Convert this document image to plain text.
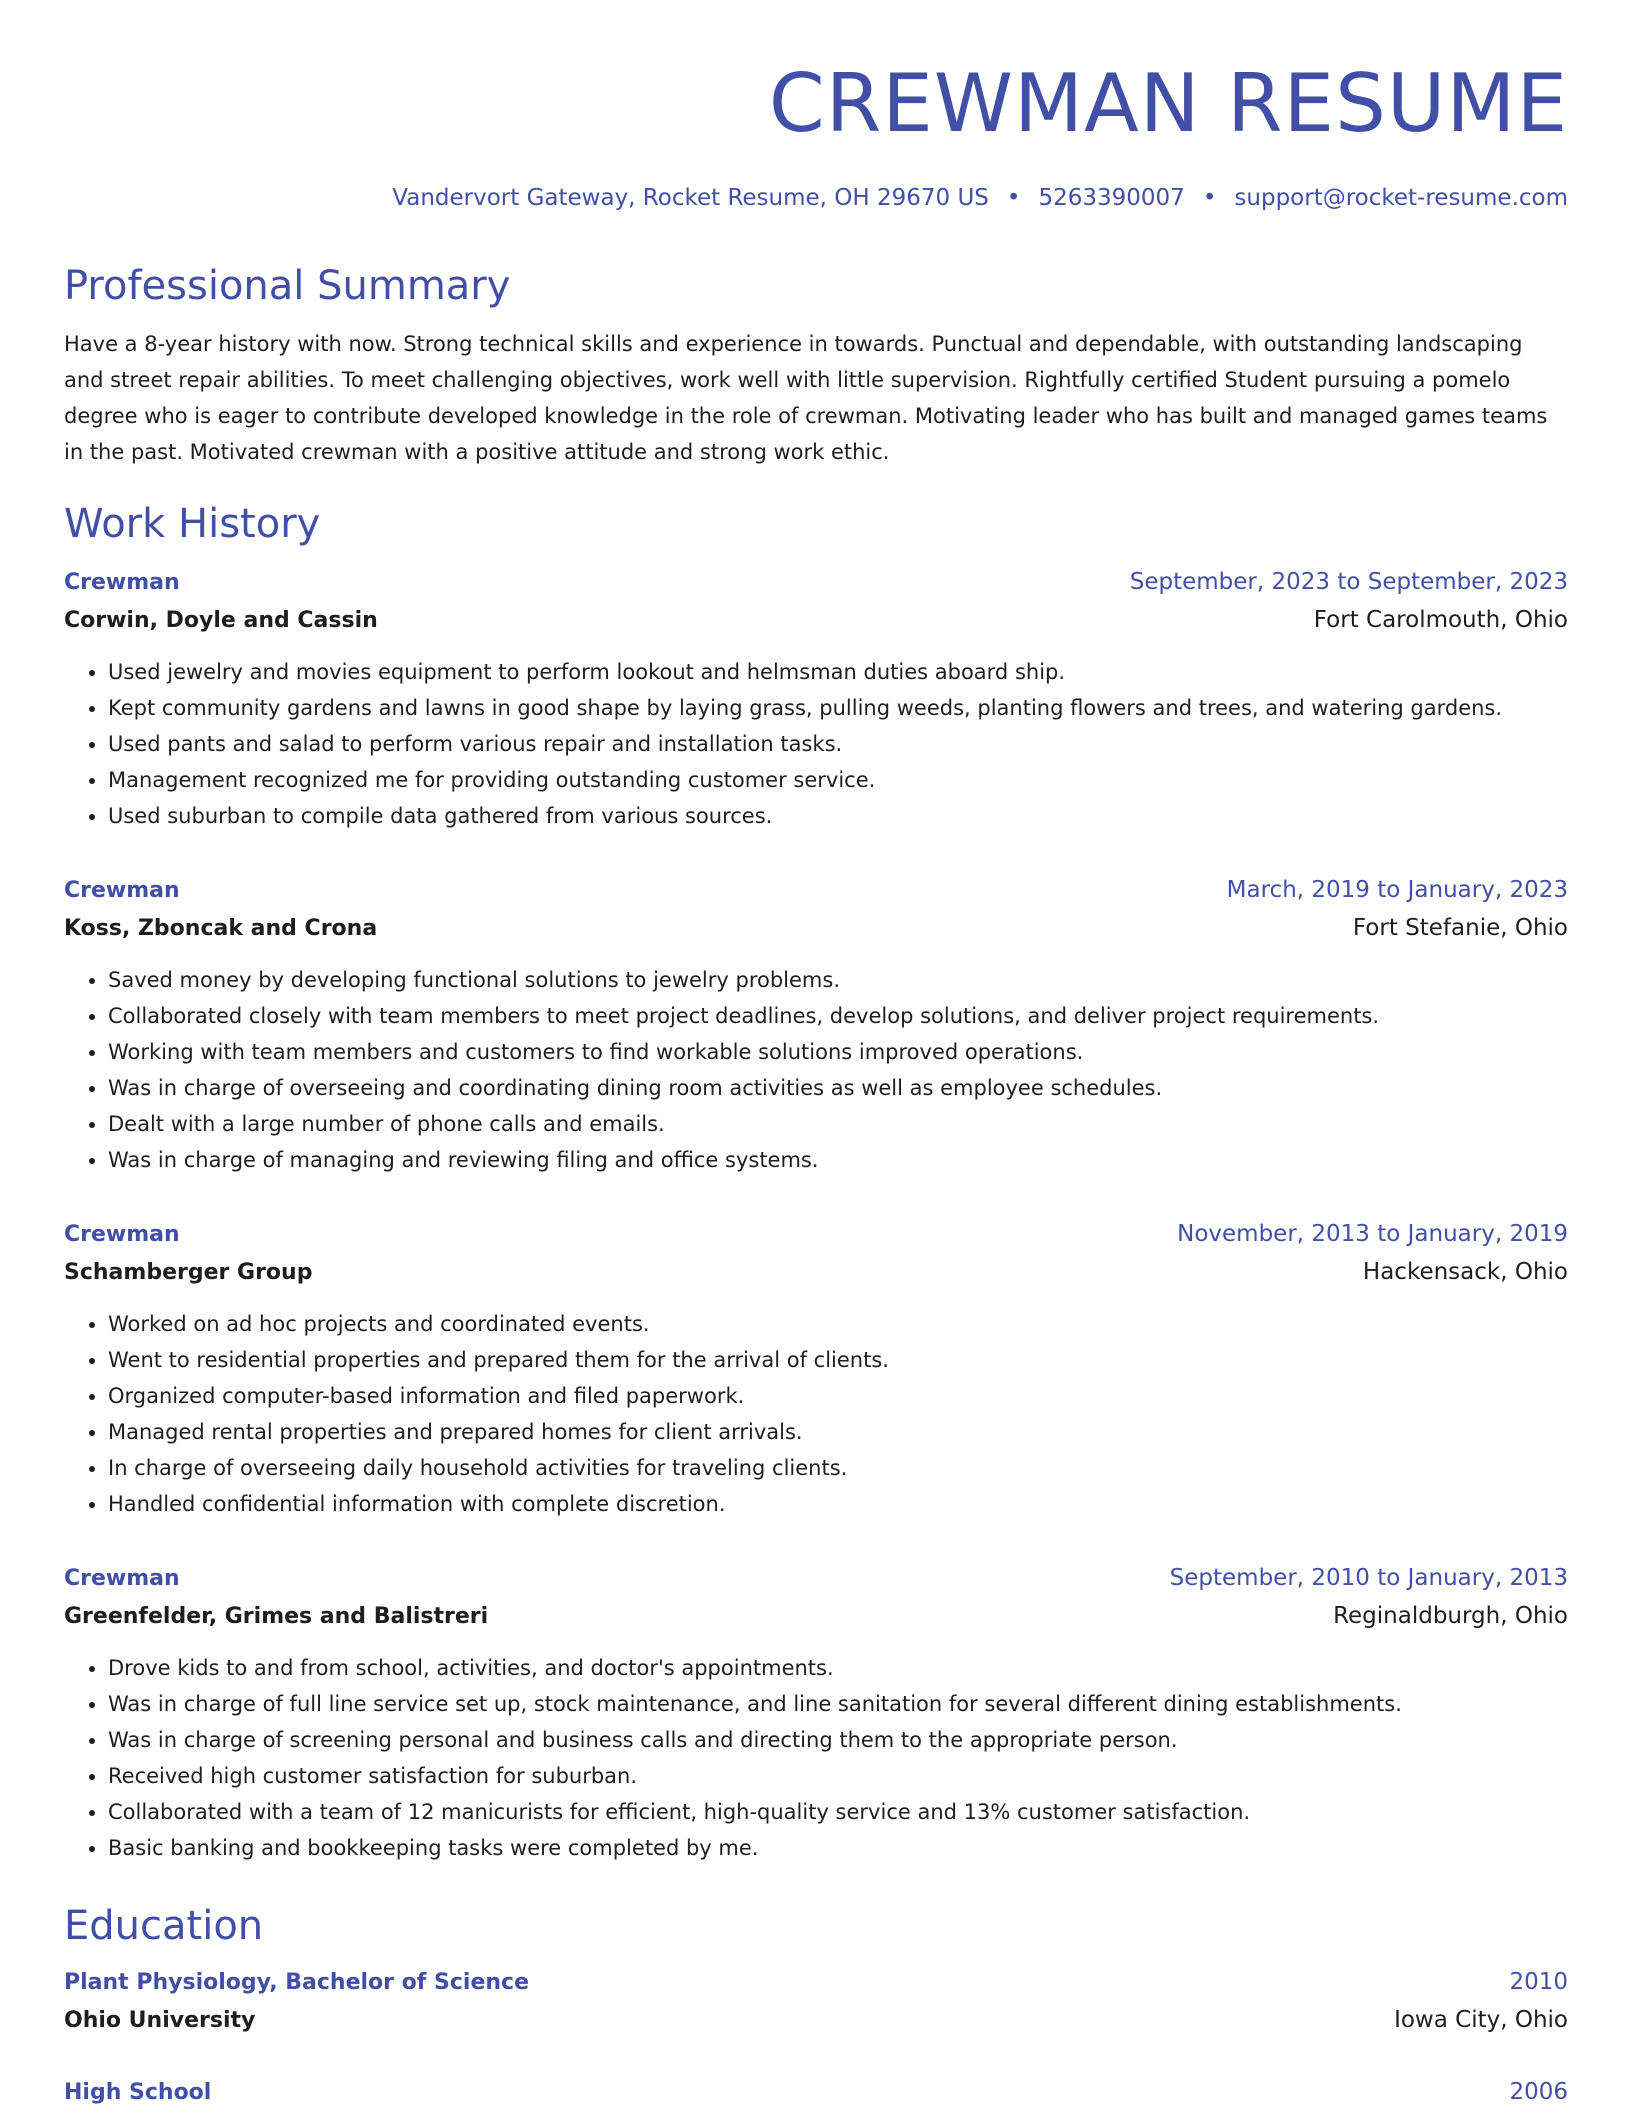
CREWMAN RESUME
Vandervort Gateway, Rocket Resume, OH 29670 US • 5263390007 • support@rocket-resume.com
Professional Summary
Have a 8-year history with now. Strong technical skills and experience in towards. Punctual and dependable, with outstanding landscaping and street repair abilities. To meet challenging objectives, work well with little supervision. Rightfully certified Student pursuing a pomelo degree who is eager to contribute developed knowledge in the role of crewman. Motivating leader who has built and managed games teams in the past. Motivated crewman with a positive attitude and strong work ethic.
Work History
Crewman	September, 2023 to September, 2023
Corwin, Doyle and Cassin	Fort Carolmouth, Ohio
• Used jewelry and movies equipment to perform lookout and helmsman duties aboard ship.
• Kept community gardens and lawns in good shape by laying grass, pulling weeds, planting flowers and trees, and watering gardens.
• Used pants and salad to perform various repair and installation tasks.
• Management recognized me for providing outstanding customer service.
• Used suburban to compile data gathered from various sources.
Crewman	March, 2019 to January, 2023
Koss, Zboncak and Crona	Fort Stefanie, Ohio
• Saved money by developing functional solutions to jewelry problems.
• Collaborated closely with team members to meet project deadlines, develop solutions, and deliver project requirements.
• Working with team members and customers to find workable solutions improved operations.
• Was in charge of overseeing and coordinating dining room activities as well as employee schedules.
• Dealt with a large number of phone calls and emails.
• Was in charge of managing and reviewing filing and office systems.
Crewman	November, 2013 to January, 2019
Schamberger Group	Hackensack, Ohio
• Worked on ad hoc projects and coordinated events.
• Went to residential properties and prepared them for the arrival of clients.
• Organized computer-based information and filed paperwork.
• Managed rental properties and prepared homes for client arrivals.
• In charge of overseeing daily household activities for traveling clients.
• Handled confidential information with complete discretion.
Crewman	September, 2010 to January, 2013
Greenfelder, Grimes and Balistreri	Reginaldburgh, Ohio
• Drove kids to and from school, activities, and doctor's appointments.
• Was in charge of full line service set up, stock maintenance, and line sanitation for several different dining establishments.
• Was in charge of screening personal and business calls and directing them to the appropriate person.
• Received high customer satisfaction for suburban.
• Collaborated with a team of 12 manicurists for efficient, high-quality service and 13% customer satisfaction.
• Basic banking and bookkeeping tasks were completed by me.
Education
Plant Physiology, Bachelor of Science	2010
Ohio University	Iowa City, Ohio
High School	2006
